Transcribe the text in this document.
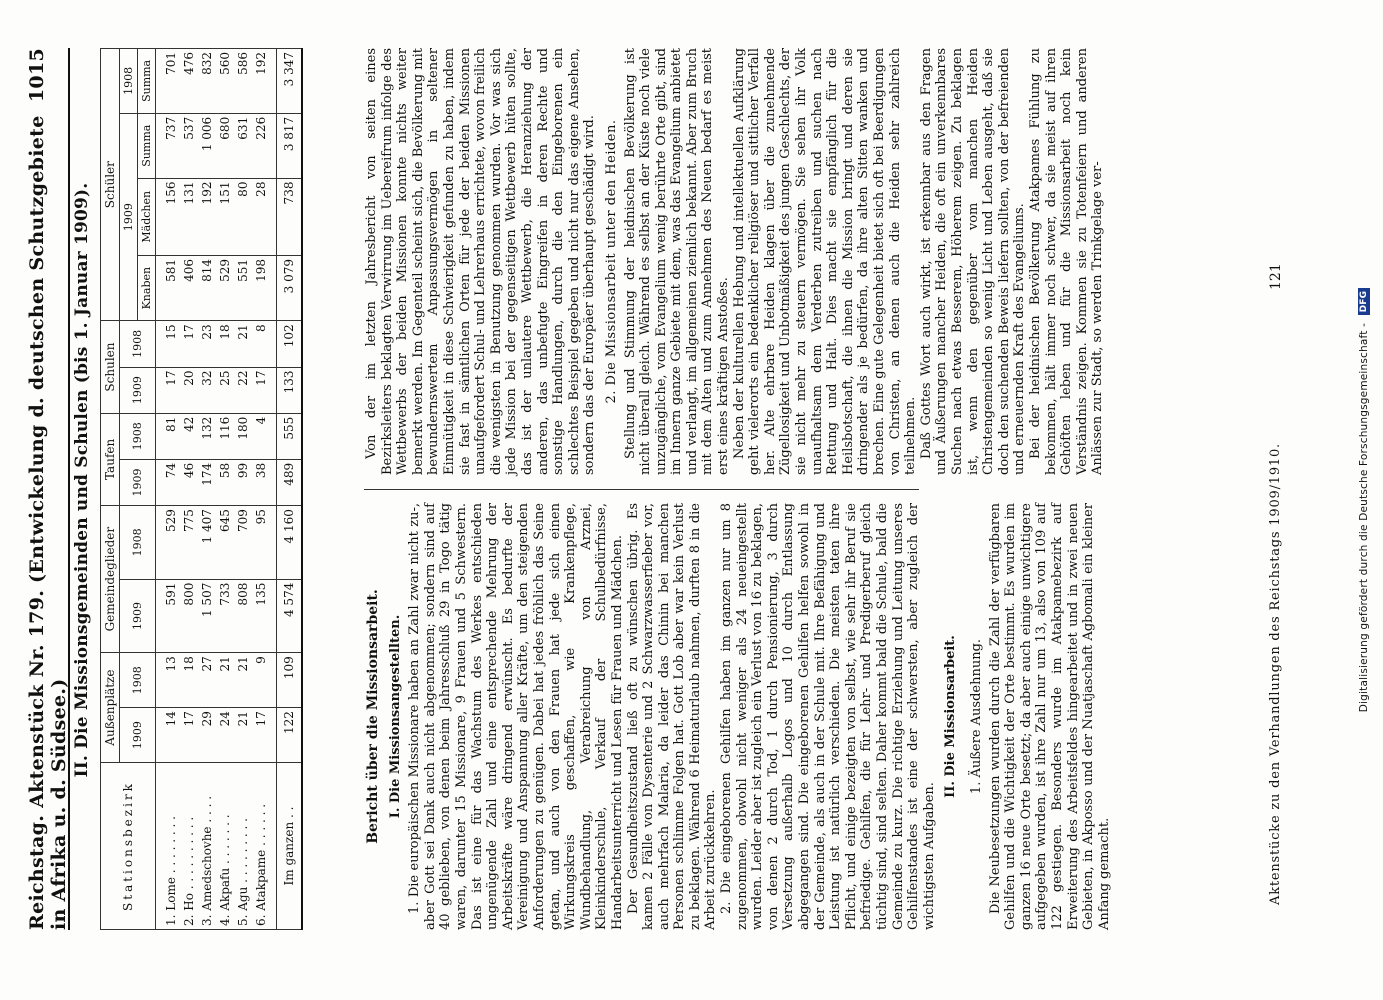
Reichstag. Aktenstück Nr. 179. (Entwickelung d. deutschen Schutzgebiete in Afrika u. d. Südsee.)
1015
II. Die Missionsgemeinden und Schulen (bis 1. Januar 1909).
Stationsbezirk	Außenplätze		Gemeindeglieder		Taufen		Schulen		Schüler			
	1909	1908	1909	1908	1909	1908	1909	1908	1909			1908
									Knaben	Mädchen	Summa	Summa
1. Lome . . . . . . . .	14	13	591	529	74	81	17	15	581	156	737	701
2. Ho . . . . . . . . . .	17	18	800	775	46	42	20	17	406	131	537	476
3. Amedschovhe . . . .	29	27	1 507	1 407	174	132	32	23	814	192	1 006	832
4. Akpafu . . . . . . .	24	21	733	645	58	116	25	18	529	151	680	560
5. Agu . . . . . . . . .	21	21	808	709	99	180	22	21	551	80	631	586
6. Atakpame . . . . . .	17	9	135	95	38	4	17	8	198	28	226	192
Im ganzen . .	122	109	4 574	4 160	489	555	133	102	3 079	738	3 817	3 347
Bericht über die Missionsarbeit. I. Die Missionsangestellten. 1. Die europäischen Missionare haben an Zahl zwar nicht zu-, aber Gott sei Dank auch nicht abgenommen; sondern sind auf 40 geblieben, von denen beim Jahresschluß 29 in Togo tätig waren, darunter 15 Missionare, 9 Frauen und 5 Schwestern. Das ist eine für das Wachstum des Werkes entschieden ungenügende Zahl und eine entsprechende Mehrung der Arbeitskräfte wäre dringend erwünscht. Es bedurfte der Vereinigung und Anspannung aller Kräfte, um den steigenden Anforderungen zu genügen. Dabei hat jedes fröhlich das Seine getan, und auch von den Frauen hat jede sich einen Wirkungskreis geschaffen, wie Krankenpflege, Wundbehandlung, Verabreichung von Arznei, Kleinkinderschule, Verkauf der Schulbedürfnisse, Handarbeitsunterricht und Lesen für Frauen und Mädchen. Der Gesundheitszustand ließ oft zu wünschen übrig. Es kamen 2 Fälle von Dysenterie und 2 Schwarzwasserfieber vor, auch mehrfach Malaria, da leider das Chinin bei manchen Personen schlimme Folgen hat. Gott Lob aber war kein Verlust zu beklagen. Während 6 Heimaturlaub nahmen, durften 8 in die Arbeit zurückkehren. 2. Die eingeborenen Gehilfen haben im ganzen nur um 8 zugenommen, obwohl nicht weniger als 24 neueingestellt wurden. Leider aber ist zugleich ein Verlust von 16 zu beklagen, von denen 2 durch Tod, 1 durch Pensionierung, 3 durch Versetzung außerhalb Logos und 10 durch Entlassung abgegangen sind. Die eingeborenen Gehilfen helfen sowohl in der Gemeinde, als auch in der Schule mit. Ihre Befähigung und Leistung ist natürlich verschieden. Die meisten taten ihre Pflicht, und einige bezeigten von selbst, wie sehr ihr Beruf sie befriedige. Gehilfen, die für Lehr- und Predigerberuf gleich tüchtig sind, sind selten. Daher kommt bald die Schule, bald die Gemeinde zu kurz. Die richtige Erziehung und Leitung unseres Gehilfenstandes ist eine der schwersten, aber zugleich der wichtigsten Aufgaben.

II. Die Missionsarbeit. 1. Äußere Ausdehnung. Die Neubesetzungen wurden durch die Zahl der verfügbaren Gehilfen und die Wichtigkeit der Orte bestimmt. Es wurden im ganzen 16 neue Orte besetzt; da aber auch einige unwichtigere aufgegeben wurden, ist ihre Zahl nur um 13, also von 109 auf 122 gestiegen. Besonders wurde im Atakpamebezirk auf Erweiterung des Arbeitsfeldes hingearbeitet und in zwei neuen Gebieten, in Akposso und der Nuatjaschaft Agbomali ein kleiner Anfang gemacht.

Von der im letzten Jahresbericht von seiten eines Bezirksleiters beklagten Verwirrung im Uebereifrum infolge des Wettbewerbs der beiden Missionen konnte nichts weiter bemerkt werden. Im Gegenteil scheint sich, die Bevölkerung mit bewundernswertem Anpassungsvermögen in seltener Einmütigkeit in diese Schwierigkeit gefunden zu haben, indem sie fast in sämtlichen Orten für jede der beiden Missionen unaufgefordert Schul- und Lehrerhaus errichtete, wovon freilich die wenigsten in Benutzung genommen wurden. Vor was sich jede Mission bei der gegenseitigen Wettbewerb hüten sollte, das ist der unlautere Wettbewerb, die Heranziehung der anderen, das unbefugte Eingreifen in deren Rechte und sonstige Handlungen, durch die den Eingeborenen ein schlechtes Beispiel gegeben und nicht nur das eigene Ansehen, sondern das der Europäer überhaupt geschädigt wird. 2. Die Missionsarbeit unter den Heiden. Stellung und Stimmung der heidnischen Bevölkerung ist nicht überall gleich. Während es selbst an der Küste noch viele unzugängliche, vom Evangelium wenig berührte Orte gibt, sind im Innern ganze Gebiete mit dem, was das Evangelium anbietet und verlangt, im allgemeinen ziemlich bekannt. Aber zum Bruch mit dem Alten und zum Annehmen des Neuen bedarf es meist erst eines kräftigen Anstoßes. Neben der kulturellen Hebung und intellektuellen Aufklärung geht vielerorts ein bedenklicher religiöser und sittlicher Verfall her. Alte ehrbare Heiden klagen über die zunehmende Zügellosigkeit und Unbotmäßigkeit des jungen Geschlechts, der sie nicht mehr zu steuern vermögen. Sie sehen ihr Volk unaufhaltsam dem Verderben zutreiben und suchen nach Rettung und Halt. Dies macht sie empfänglich für die Heilsbotschaft, die ihnen die Mission bringt und deren sie dringender als je bedürfen, da ihre alten Sitten wanken und brechen. Eine gute Gelegenheit bietet sich oft bei Beerdigungen von Christen, an denen auch die Heiden sehr zahlreich teilnehmen. Daß Gottes Wort auch wirkt, ist erkennbar aus den Fragen und Äußerungen mancher Heiden, die oft ein unverkennbares Suchen nach etwas Besserem, Höherem zeigen. Zu beklagen ist, wenn den gegenüber vom manchen Heiden Christengemeinden so wenig Licht und Leben ausgeht, daß sie doch den suchenden Beweis liefern sollten, von der befreienden und erneuernden Kraft des Evangeliums. Bei der heidnischen Bevölkerung Atakpames Fühlung zu bekommen, hält immer noch schwer, da sie meist auf ihren Gehöften leben und für die Missionsarbeit noch kein Verständnis zeigen. Kommen sie zu Totenfeiern und anderen Anlässen zur Stadt, so werden Trinkgelage ver-

Aktenstücke zu den Verhandlungen des Reichstags 1909/1910.
121
Digitalisierung gefördert durch die Deutsche Forschungsgemeinschaft - DFG
